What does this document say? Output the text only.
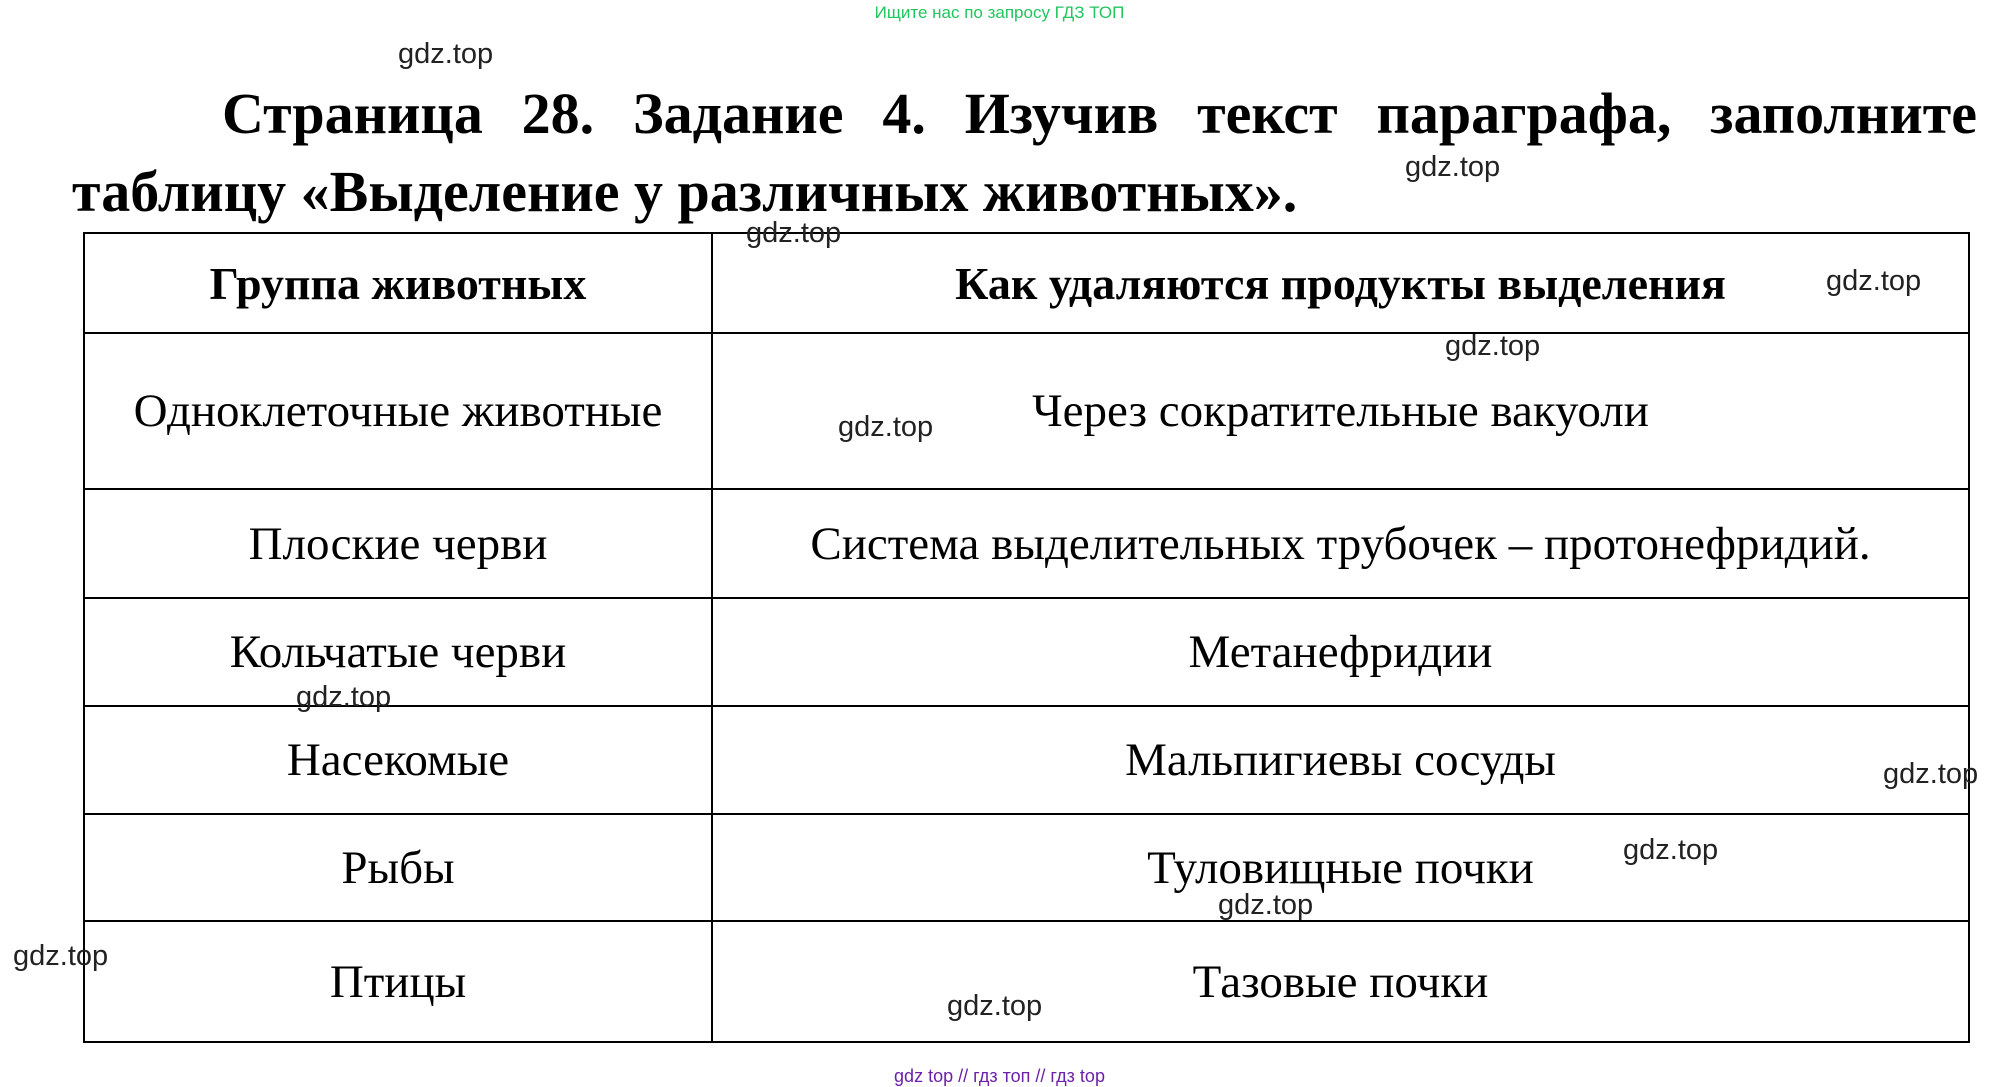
Ищите нас по запросу ГДЗ ТОП
Страница 28. Задание 4. Изучив текст параграфа, заполните
таблицу «Выделение у различных животных».
Группа животных	Как удаляются продукты выделения
Одноклеточные животные	Через сократительные вакуоли
Плоские черви	Система выделительных трубочек – протонефридий.
Кольчатые черви	Метанефридии
Насекомые	Мальпигиевы сосуды
Рыбы	Туловищные почки
Птицы	Тазовые почки
gdz.top
gdz.top
gdz.top
gdz.top
gdz.top
gdz.top
gdz.top
gdz.top
gdz.top
gdz.top
gdz.top
gdz.top
gdz top // гдз топ // гдз top
